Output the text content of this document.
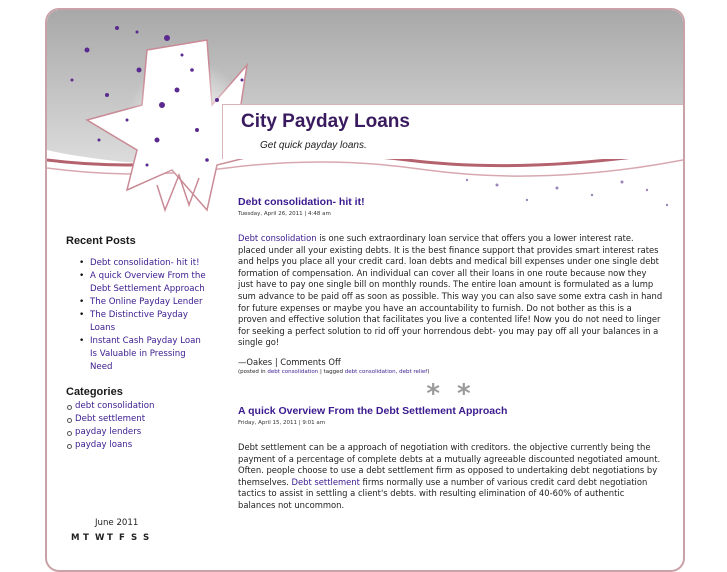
City Payday Loans
Get quick payday loans.
Recent Posts
• Debt consolidation- hit it!
• A quick Overview From the Debt Settlement Approach
• The Online Payday Lender
• The Distinctive Payday Loans
• Instant Cash Payday Loan Is Valuable in Pressing Need
Categories
debt consolidation
Debt settlement
payday lenders
payday loans
June 2011
M T W T F S S
Debt consolidation- hit it!
Tuesday, April 26, 2011 | 4:48 am

Debt consolidation is one such extraordinary loan service that offers you a lower interest rate. placed under all your existing debts. It is the best finance support that provides smart interest rates and helps you place all your credit card. loan debts and medical bill expenses under one single debt formation of compensation. An individual can cover all their loans in one route because now they just have to pay one single bill on monthly rounds. The entire loan amount is formulated as a lump sum advance to be paid off as soon as possible. This way you can also save some extra cash in hand for future expenses or maybe you have an accountability to furnish. Do not bother as this is a proven and effective solution that facilitates you live a contented life! Now you do not need to linger for seeking a perfect solution to rid off your horrendous debt- you may pay off all your balances in a single go!

—Oakes | Comments Off
(posted in debt consolidation | tagged debt consolidation, debt relief)
* *
A quick Overview From the Debt Settlement Approach
Friday, April 15, 2011 | 9:01 am

Debt settlement can be a approach of negotiation with creditors. the objective currently being the payment of a percentage of complete debts at a mutually agreeable discounted negotiated amount. Often. people choose to use a debt settlement firm as opposed to undertaking debt negotiations by themselves. Debt settlement firms normally use a number of various credit card debt negotiation tactics to assist in settling a client's debts. with resulting elimination of 40-60% of authentic balances not uncommon.
